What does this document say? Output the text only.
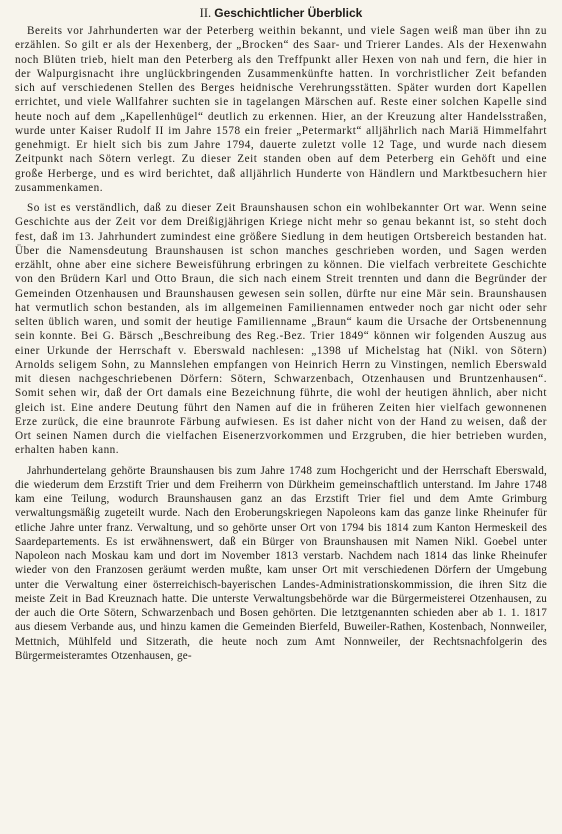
II. Geschichtlicher Überblick

Bereits vor Jahrhunderten war der Peterberg weithin bekannt, und viele Sagen weiß man über ihn zu erzählen. So gilt er als der Hexenberg, der „Brocken“ des Saar- und Trierer Landes. Als der Hexenwahn noch Blüten trieb, hielt man den Peterberg als den Treffpunkt aller Hexen von nah und fern, die hier in der Walpurgisnacht ihre unglückbringenden Zusammenkünfte hatten. In vorchristlicher Zeit befanden sich auf verschiedenen Stellen des Berges heidnische Verehrungsstätten. Später wurden dort Kapellen errichtet, und viele Wallfahrer suchten sie in tagelangen Märschen auf. Reste einer solchen Kapelle sind heute noch auf dem „Kapellenhügel“ deutlich zu erkennen. Hier, an der Kreuzung alter Handelsstraßen, wurde unter Kaiser Rudolf II im Jahre 1578 ein freier „Petermarkt“ alljährlich nach Mariä Himmelfahrt genehmigt. Er hielt sich bis zum Jahre 1794, dauerte zuletzt volle 12 Tage, und wurde nach diesem Zeitpunkt nach Sötern verlegt. Zu dieser Zeit standen oben auf dem Peterberg ein Gehöft und eine große Herberge, und es wird berichtet, daß alljährlich Hunderte von Händlern und Marktbesuchern hier zusammenkamen.

So ist es verständlich, daß zu dieser Zeit Braunshausen schon ein wohlbekannter Ort war. Wenn seine Geschichte aus der Zeit vor dem Dreißigjährigen Kriege nicht mehr so genau bekannt ist, so steht doch fest, daß im 13. Jahrhundert zumindest eine größere Siedlung in dem heutigen Ortsbereich bestanden hat. Über die Namensdeutung Braunshausen ist schon manches geschrieben worden, und Sagen werden erzählt, ohne aber eine sichere Beweisführung erbringen zu können. Die vielfach verbreitete Geschichte von den Brüdern Karl und Otto Braun, die sich nach einem Streit trennten und dann die Begründer der Gemeinden Otzenhausen und Braunshausen gewesen sein sollen, dürfte nur eine Mär sein. Braunshausen hat vermutlich schon bestanden, als im allgemeinen Familiennamen entweder noch gar nicht oder sehr selten üblich waren, und somit der heutige Familienname „Braun“ kaum die Ursache der Ortsbenennung sein konnte. Bei G. Bärsch „Beschreibung des Reg.-Bez. Trier 1849“ können wir folgenden Auszug aus einer Urkunde der Herrschaft v. Eberswald nachlesen: „1398 uf Michelstag hat (Nikl. von Sötern) Arnolds seligem Sohn, zu Mannslehen empfangen von Heinrich Herrn zu Vinstingen, nemlich Eberswald mit diesen nachgeschriebenen Dörfern: Sötern, Schwarzenbach, Otzenhausen und Bruntzenhausen“. Somit sehen wir, daß der Ort damals eine Bezeichnung führte, die wohl der heutigen ähnlich, aber nicht gleich ist. Eine andere Deutung führt den Namen auf die in früheren Zeiten hier vielfach gewonnenen Erze zurück, die eine braunrote Färbung aufwiesen. Es ist daher nicht von der Hand zu weisen, daß der Ort seinen Namen durch die vielfachen Eisenerzvorkommen und Erzgruben, die hier betrieben wurden, erhalten haben kann.

Jahrhundertelang gehörte Braunshausen bis zum Jahre 1748 zum Hochgericht und der Herrschaft Eberswald, die wiederum dem Erzstift Trier und dem Freiherrn von Dürkheim gemeinschaftlich unterstand. Im Jahre 1748 kam eine Teilung, wodurch Braunshausen ganz an das Erzstift Trier fiel und dem Amte Grimburg verwaltungsmäßig zugeteilt wurde. Nach den Eroberungskriegen Napoleons kam das ganze linke Rheinufer für etliche Jahre unter franz. Verwaltung, und so gehörte unser Ort von 1794 bis 1814 zum Kanton Hermeskeil des Saardepartements. Es ist erwähnenswert, daß ein Bürger von Braunshausen mit Namen Nikl. Goebel unter Napoleon nach Moskau kam und dort im November 1813 verstarb. Nachdem nach 1814 das linke Rheinufer wieder von den Franzosen geräumt werden mußte, kam unser Ort mit verschiedenen Dörfern der Umgebung unter die Verwaltung einer österreichisch-bayerischen Landes-Administrationskommission, die ihren Sitz die meiste Zeit in Bad Kreuznach hatte. Die unterste Verwaltungsbehörde war die Bürgermeisterei Otzenhausen, zu der auch die Orte Sötern, Schwarzenbach und Bosen gehörten. Die letztgenannten schieden aber ab 1. 1. 1817 aus diesem Verbande aus, und hinzu kamen die Gemeinden Bierfeld, Buweiler-Rathen, Kostenbach, Nonnweiler, Mettnich, Mühlfeld und Sitzerath, die heute noch zum Amt Nonnweiler, der Rechtsnachfolgerin des Bürgermeisteramtes Otzenhausen, ge-
